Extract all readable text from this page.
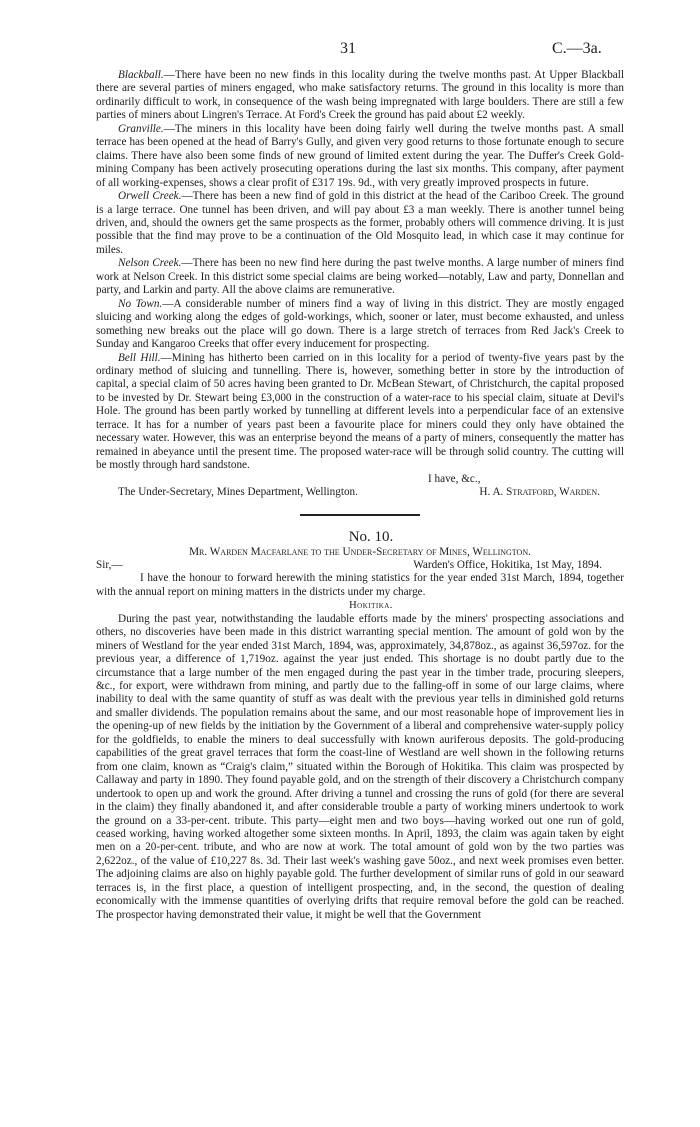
31	C.—3a.

Blackball.—There have been no new finds in this locality during the twelve months past. At Upper Blackball there are several parties of miners engaged, who make satisfactory returns. The ground in this locality is more than ordinarily difficult to work, in consequence of the wash being impregnated with large boulders. There are still a few parties of miners about Lingren's Terrace. At Ford's Creek the ground has paid about £2 weekly.

Granville.—The miners in this locality have been doing fairly well during the twelve months past. A small terrace has been opened at the head of Barry's Gully, and given very good returns to those fortunate enough to secure claims. There have also been some finds of new ground of limited extent during the year. The Duffer's Creek Gold-mining Company has been actively prosecuting operations during the last six months. This company, after payment of all working-expenses, shows a clear profit of £317 19s. 9d., with very greatly improved prospects in future.

Orwell Creek.—There has been a new find of gold in this district at the head of the Cariboo Creek. The ground is a large terrace. One tunnel has been driven, and will pay about £3 a man weekly. There is another tunnel being driven, and, should the owners get the same prospects as the former, probably others will commence driving. It is just possible that the find may prove to be a continuation of the Old Mosquito lead, in which case it may continue for miles.

Nelson Creek.—There has been no new find here during the past twelve months. A large number of miners find work at Nelson Creek. In this district some special claims are being worked—notably, Law and party, Donnellan and party, and Larkin and party. All the above claims are remunerative.

No Town.—A considerable number of miners find a way of living in this district. They are mostly engaged sluicing and working along the edges of gold-workings, which, sooner or later, must become exhausted, and unless something new breaks out the place will go down. There is a large stretch of terraces from Red Jack's Creek to Sunday and Kangaroo Creeks that offer every inducement for prospecting.

Bell Hill.—Mining has hitherto been carried on in this locality for a period of twenty-five years past by the ordinary method of sluicing and tunnelling. There is, however, something better in store by the introduction of capital, a special claim of 50 acres having been granted to Dr. McBean Stewart, of Christchurch, the capital proposed to be invested by Dr. Stewart being £3,000 in the construction of a water-race to his special claim, situate at Devil's Hole. The ground has been partly worked by tunnelling at different levels into a perpendicular face of an extensive terrace. It has for a number of years past been a favourite place for miners could they only have obtained the necessary water. However, this was an enterprise beyond the means of a party of miners, consequently the matter has remained in abeyance until the present time. The proposed water-race will be through solid country. The cutting will be mostly through hard sandstone.

I have, &c.,

The Under-Secretary, Mines Department, Wellington.	H. A. Stratford, Warden.

No. 10.

Mr. Warden Macfarlane to the Under-Secretary of Mines, Wellington.

Sir,—	Warden's Office, Hokitika, 1st May, 1894.

I have the honour to forward herewith the mining statistics for the year ended 31st March, 1894, together with the annual report on mining matters in the districts under my charge.

Hokitika.

During the past year, notwithstanding the laudable efforts made by the miners' prospecting associations and others, no discoveries have been made in this district warranting special mention. The amount of gold won by the miners of Westland for the year ended 31st March, 1894, was, approximately, 34,878oz., as against 36,597oz. for the previous year, a difference of 1,719oz. against the year just ended. This shortage is no doubt partly due to the circumstance that a large number of the men engaged during the past year in the timber trade, procuring sleepers, &c., for export, were withdrawn from mining, and partly due to the falling-off in some of our large claims, where inability to deal with the same quantity of stuff as was dealt with the previous year tells in diminished gold returns and smaller dividends. The population remains about the same, and our most reasonable hope of improvement lies in the opening-up of new fields by the initiation by the Government of a liberal and comprehensive water-supply policy for the goldfields, to enable the miners to deal successfully with known auriferous deposits. The gold-producing capabilities of the great gravel terraces that form the coast-line of Westland are well shown in the following returns from one claim, known as “Craig's claim,” situated within the Borough of Hokitika. This claim was prospected by Callaway and party in 1890. They found payable gold, and on the strength of their discovery a Christchurch company undertook to open up and work the ground. After driving a tunnel and crossing the runs of gold (for there are several in the claim) they finally abandoned it, and after considerable trouble a party of working miners undertook to work the ground on a 33-per-cent. tribute. This party—eight men and two boys—having worked out one run of gold, ceased working, having worked altogether some sixteen months. In April, 1893, the claim was again taken by eight men on a 20-per-cent. tribute, and who are now at work. The total amount of gold won by the two parties was 2,622oz., of the value of £10,227 8s. 3d. Their last week's washing gave 50oz., and next week promises even better. The adjoining claims are also on highly payable gold. The further development of similar runs of gold in our seaward terraces is, in the first place, a question of intelligent prospecting, and, in the second, the question of dealing economically with the immense quantities of overlying drifts that require removal before the gold can be reached. The prospector having demonstrated their value, it might be well that the Government
